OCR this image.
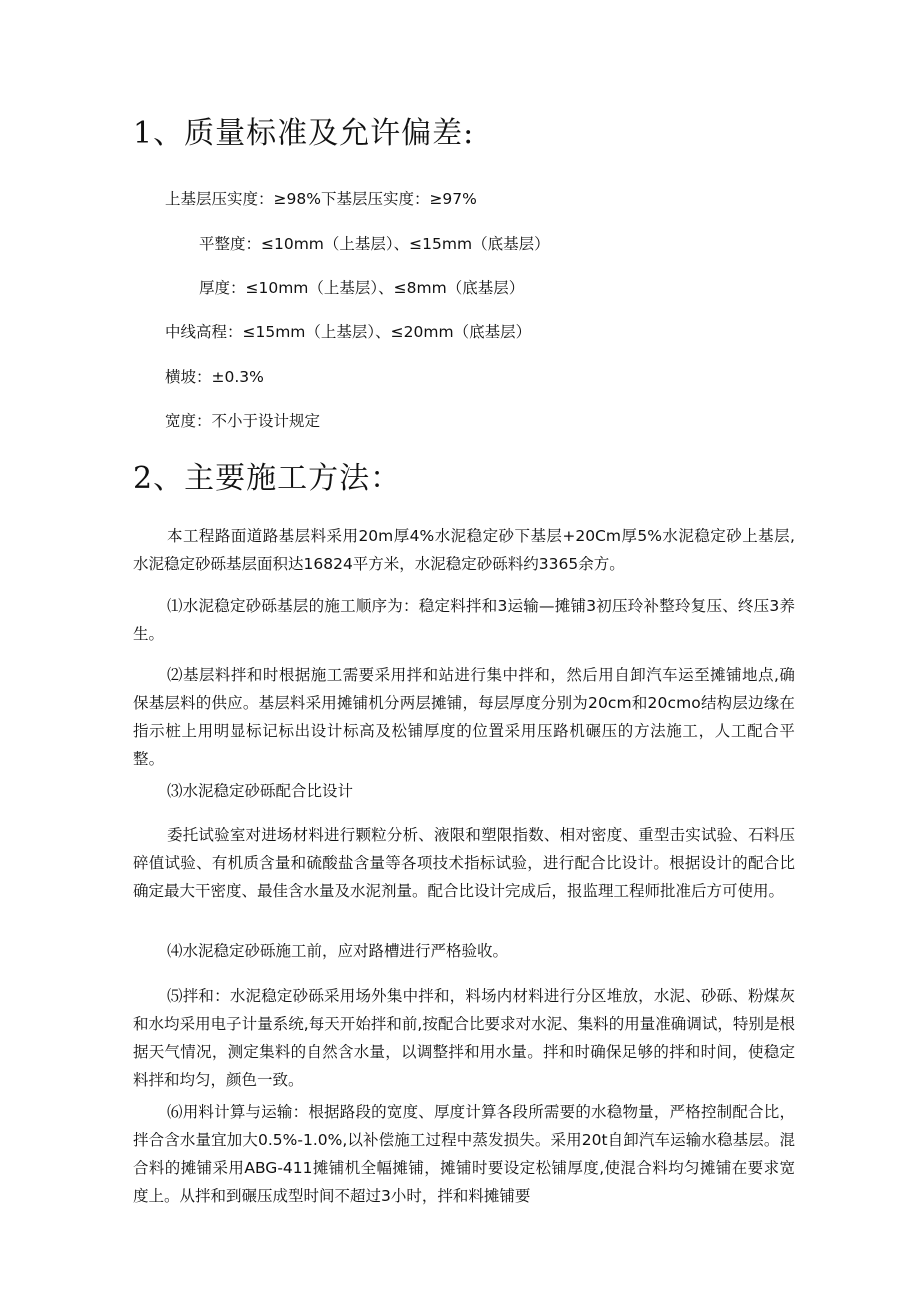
1、质量标准及允许偏差:

上基层压实度：≥98%下基层压实度：≥97%

平整度：≤10mm（上基层）、≤15mm（底基层）

厚度：≤10mm（上基层）、≤8mm（底基层）

中线高程：≤15mm（上基层）、≤20mm（底基层）

横坡：±0.3%

宽度：不小于设计规定

2、主要施工方法：

本工程路面道路基层料采用20m厚4%水泥稳定砂下基层+20Cm厚5%水泥稳定砂上基层,水泥稳定砂砾基层面积达16824平方米，水泥稳定砂砾料约3365余方。

⑴水泥稳定砂砾基层的施工顺序为：稳定料拌和3运输—摊铺3初压玲补整玲复压、终压3养生。

⑵基层料拌和时根据施工需要采用拌和站进行集中拌和，然后用自卸汽车运至摊铺地点,确保基层料的供应。基层料采用摊铺机分两层摊铺，每层厚度分别为20cm和20cmo结构层边缘在指示桩上用明显标记标出设计标高及松铺厚度的位置采用压路机碾压的方法施工，人工配合平整。

⑶水泥稳定砂砾配合比设计

委托试验室对进场材料进行颗粒分析、液限和塑限指数、相对密度、重型击实试验、石料压碎值试验、有机质含量和硫酸盐含量等各项技术指标试验，进行配合比设计。根据设计的配合比确定最大干密度、最佳含水量及水泥剂量。配合比设计完成后，报监理工程师批准后方可使用。

⑷水泥稳定砂砾施工前，应对路槽进行严格验收。

⑸拌和：水泥稳定砂砾采用场外集中拌和，料场内材料进行分区堆放，水泥、砂砾、粉煤灰和水均采用电子计量系统,每天开始拌和前,按配合比要求对水泥、集料的用量准确调试，特别是根据天气情况，测定集料的自然含水量，以调整拌和用水量。拌和时确保足够的拌和时间，使稳定料拌和均匀，颜色一致。

⑹用料计算与运输：根据路段的宽度、厚度计算各段所需要的水稳物量，严格控制配合比，拌合含水量宜加大0.5%-1.0%,以补偿施工过程中蒸发损失。采用20t自卸汽车运输水稳基层。混合料的摊铺采用ABG-411摊铺机全幅摊铺，摊铺时要设定松铺厚度,使混合料均匀摊铺在要求宽度上。从拌和到碾压成型时间不超过3小时，拌和料摊铺要
